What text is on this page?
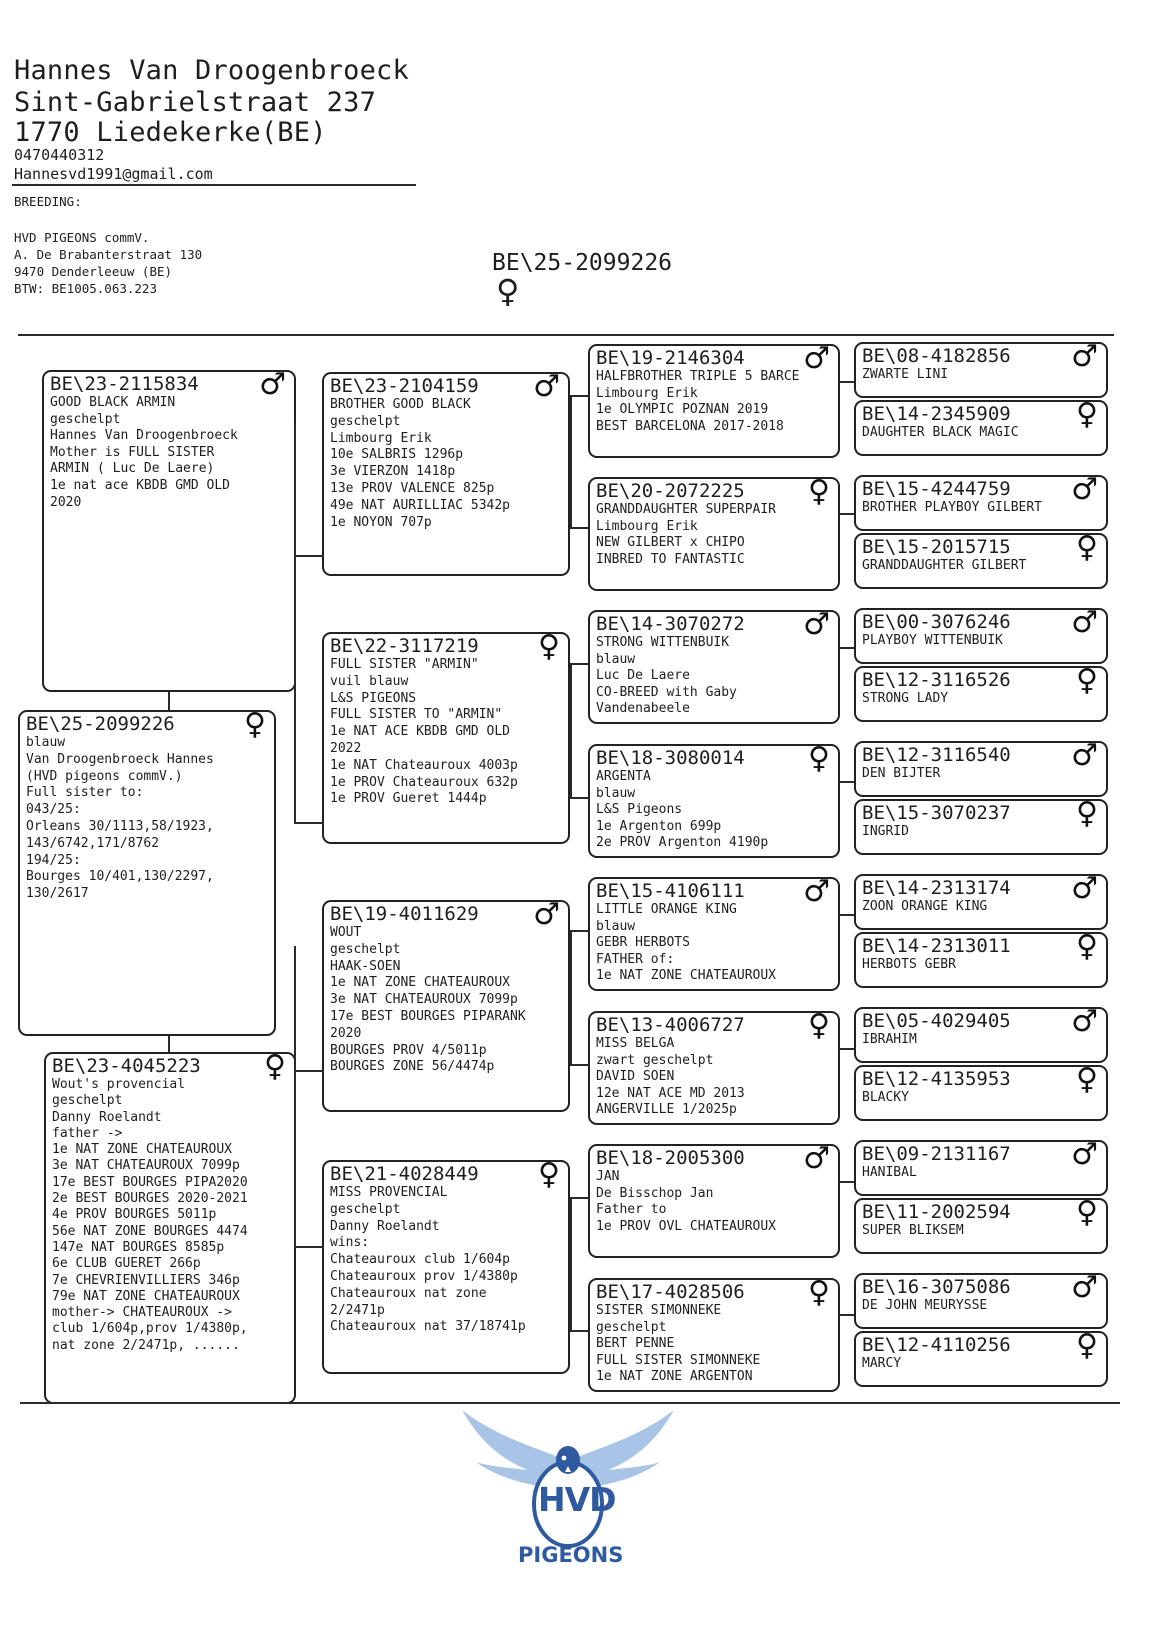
Hannes Van Droogenbroeck
Sint-Gabrielstraat 237
1770 Liedekerke(BE)
0470440312
Hannesvd1991@gmail.com
BREEDING:
HVD PIGEONS commV.
A. De Brabanterstraat 130
9470 Denderleeuw (BE)
BTW: BE1005.063.223
BE\25-2099226
♀
BE\23-2115834	♂
GOOD BLACK ARMIN
geschelpt
Hannes Van Droogenbroeck
Mother is FULL SISTER
ARMIN ( Luc De Laere)
1e nat ace KBDB GMD OLD
2020
BE\25-2099226	♀
blauw
Van Droogenbroeck Hannes
(HVD pigeons commV.)
Full sister to:
043/25:
Orleans 30/1113,58/1923,
143/6742,171/8762
194/25:
Bourges 10/401,130/2297,
130/2617
BE\23-4045223	♀
Wout's provencial
geschelpt
Danny Roelandt
father ->
1e NAT ZONE CHATEAUROUX
3e NAT CHATEAUROUX 7099p
17e BEST BOURGES PIPA2020
2e BEST BOURGES 2020-2021
4e PROV BOURGES 5011p
56e NAT ZONE BOURGES 4474
147e NAT BOURGES 8585p
6e CLUB GUERET 266p
7e CHEVRIENVILLIERS 346p
79e NAT ZONE CHATEAUROUX
mother-> CHATEAUROUX ->
club 1/604p,prov 1/4380p,
nat zone 2/2471p, ......
BE\23-2104159	♂
BROTHER GOOD BLACK
geschelpt
Limbourg Erik
10e SALBRIS 1296p
3e VIERZON 1418p
13e PROV VALENCE 825p
49e NAT AURILLIAC 5342p
1e NOYON 707p
BE\22-3117219	♀
FULL SISTER "ARMIN"
vuil blauw
L&S PIGEONS
FULL SISTER TO "ARMIN"
1e NAT ACE KBDB GMD OLD
2022
1e NAT Chateauroux 4003p
1e PROV Chateauroux 632p
1e PROV Gueret 1444p
BE\19-4011629	♂
WOUT
geschelpt
HAAK-SOEN
1e NAT ZONE CHATEAUROUX
3e NAT CHATEAUROUX 7099p
17e BEST BOURGES PIPARANK
2020
BOURGES PROV 4/5011p
BOURGES ZONE 56/4474p
BE\21-4028449	♀
MISS PROVENCIAL
geschelpt
Danny Roelandt
wins:
Chateauroux club 1/604p
Chateauroux prov 1/4380p
Chateauroux nat zone
2/2471p
Chateauroux nat 37/18741p
BE\19-2146304	♂
HALFBROTHER TRIPLE 5 BARCE
Limbourg Erik
1e OLYMPIC POZNAN 2019
BEST BARCELONA 2017-2018
BE\20-2072225	♀
GRANDDAUGHTER SUPERPAIR
Limbourg Erik
NEW GILBERT x CHIPO
INBRED TO FANTASTIC
BE\14-3070272	♂
STRONG WITTENBUIK
blauw
Luc De Laere
CO-BREED with Gaby
Vandenabeele
BE\18-3080014	♀
ARGENTA
blauw
L&S Pigeons
1e Argenton 699p
2e PROV Argenton 4190p
BE\15-4106111	♂
LITTLE ORANGE KING
blauw
GEBR HERBOTS
FATHER of:
1e NAT ZONE CHATEAUROUX
BE\13-4006727	♀
MISS BELGA
zwart geschelpt
DAVID SOEN
12e NAT ACE MD 2013
ANGERVILLE 1/2025p
BE\18-2005300	♂
JAN
De Bisschop Jan
Father to
1e PROV OVL CHATEAUROUX
BE\17-4028506	♀
SISTER SIMONNEKE
geschelpt
BERT PENNE
FULL SISTER SIMONNEKE
1e NAT ZONE ARGENTON
BE\08-4182856	♂
ZWARTE LINI
BE\14-2345909	♀
DAUGHTER BLACK MAGIC
BE\15-4244759	♂
BROTHER PLAYBOY GILBERT
BE\15-2015715	♀
GRANDDAUGHTER GILBERT
BE\00-3076246	♂
PLAYBOY WITTENBUIK
BE\12-3116526	♀
STRONG LADY
BE\12-3116540	♂
DEN BIJTER
BE\15-3070237	♀
INGRID
BE\14-2313174	♂
ZOON ORANGE KING
BE\14-2313011	♀
HERBOTS GEBR
BE\05-4029405	♂
IBRAHIM
BE\12-4135953	♀
BLACKY
BE\09-2131167	♂
HANIBAL
BE\11-2002594	♀
SUPER BLIKSEM
BE\16-3075086	♂
DE JOHN MEURYSSE
BE\12-4110256	♀
MARCY
HVD
PIGEONS
